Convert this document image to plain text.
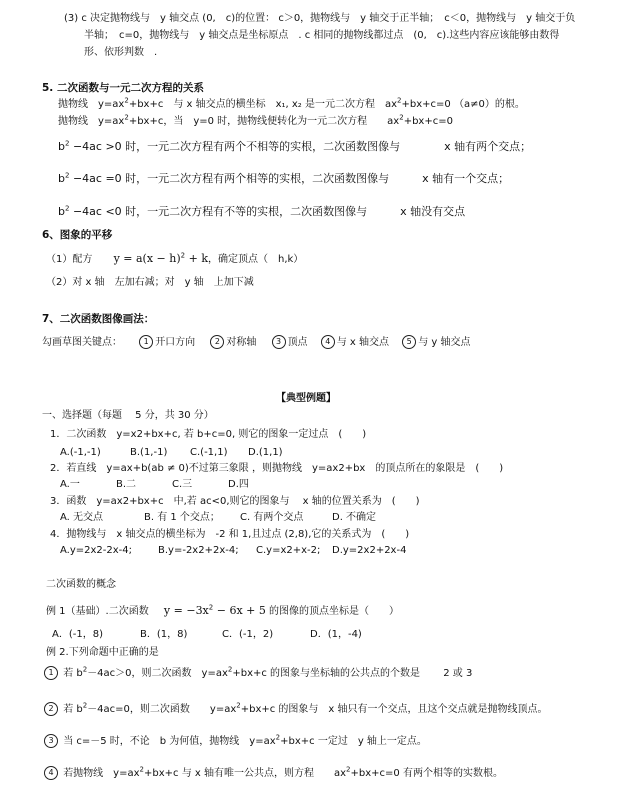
(3) c 决定抛物线与　y 轴交点 (0,　c)的位置： c＞0，抛物线与　y 轴交于正半轴；　c＜0，抛物线与　y 轴交于负
半轴；　c=0，抛物线与　y 轴交点是坐标原点　. c 相同的抛物线都过点　(0,　c).这些内容应该能够由数得
形、依形判数　.
5. 二次函数与一元二次方程的关系
抛物线　$y=ax^2+bx+c$　与 x 轴交点的横坐标　x₁, x₂ 是一元二次方程　$ax^2+bx+c=0$ （a≠0）的根。
抛物线　$y=ax^2+bx+c$，当　y=0 时，抛物线便转化为一元二次方程　　$ax^2+bx+c=0$
$b^2 -4ac >0$ 时，一元二次方程有两个不相等的实根，二次函数图像与　　　　x 轴有两个交点；
$b^2 -4ac =0$ 时，一元二次方程有两个相等的实根，二次函数图像与　　　x 轴有一个交点；
$b^2 -4ac <0$ 时，一元二次方程有不等的实根，二次函数图像与　　　x 轴没有交点
6、图象的平移
（1）配方 $y = a(x - h)^2 + k$，确定顶点（　h,k）
（2）对 x 轴　左加右减；对　y 轴　上加下减
7、二次函数图像画法：
勾画草图关键点：	1 开口方向 2 对称轴 3 顶点 4 与 x 轴交点 5 与 y 轴交点
【典型例题】
一、选择题（每题　 5 分，共 30 分）
1．二次函数　y=x2+bx+c, 若 b+c=0, 则它的图象一定过点　(　　)
A.(-1,-1)	B.(1,-1) C.(-1,1) D.(1,1)
2．若直线　y=ax+b(ab ≠ 0)不过第三象限 ，则抛物线　y=ax2+bx　的顶点所在的象限是　(　　)
A.一	B.二	C.三	D.四
3．函数　y=ax2+bx+c　中,若 ac<0,则它的图象与　 x 轴的位置关系为　(　　)
A. 无交点	B. 有 1 个交点； C. 有两个交点	D. 不确定
4．抛物线与　x 轴交点的横坐标为　-2 和 1,且过点 (2,8),它的关系式为　(　　)
A.y=2x2-2x-4;	B.y=-2x2+2x-4; C.y=x2+x-2; D.y=2x2+2x-4
二次函数的概念
例 1（基础）.二次函数 $y = -3x^2 - 6x + 5$ 的图像的顶点坐标是（　　）
A．(-1，8)	B．(1，8)	C．(-1，2)	D．(1，-4)
例 2.下列命题中正确的是
1 若 $b^2-4ac>0$，则二次函数　$y=ax^2+bx+c$ 的图象与坐标轴的公共点的个数是　　 2 或 3
2 若 $b^2-4ac=0$，则二次函数　　$y=ax^2+bx+c$ 的图象与　x 轴只有一个交点，且这个交点就是抛物线顶点。
3 当 c=－5 时，不论　b 为何值，抛物线　$y=ax^2+bx+c$ 一定过　y 轴上一定点。
4 若抛物线　$y=ax^2+bx+c$ 与 x 轴有唯一公共点，则方程　　$ax^2+bx+c=0$ 有两个相等的实数根。
